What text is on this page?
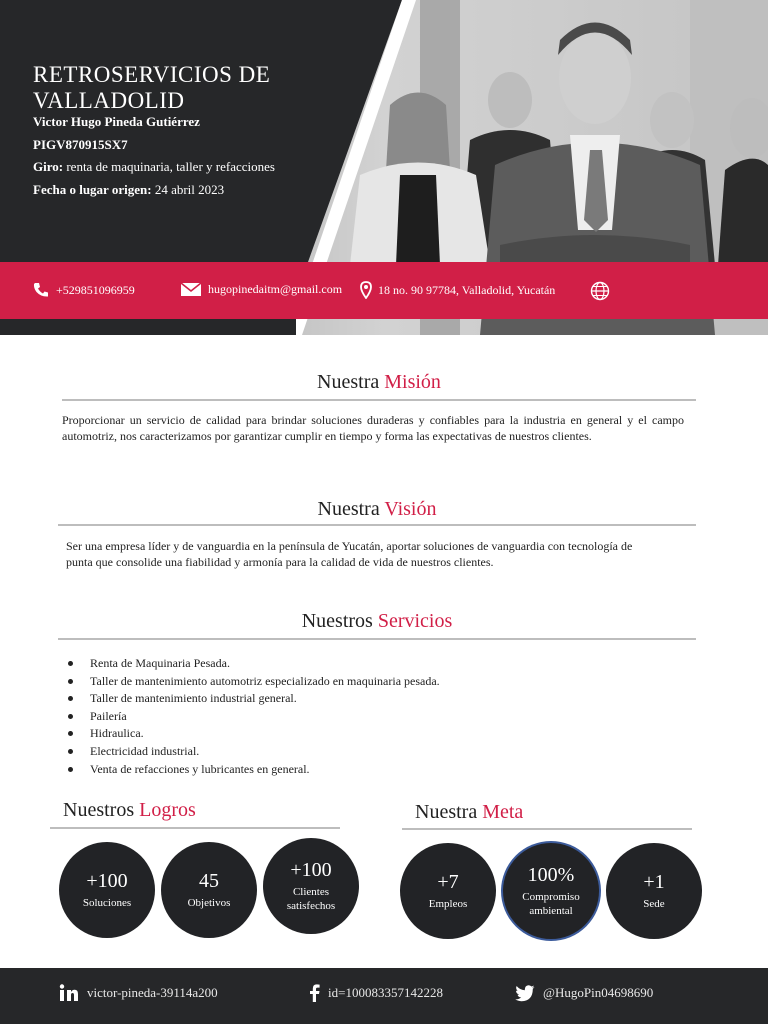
RETROSERVICIOS DE VALLADOLID
Victor Hugo Pineda Gutiérrez
PIGV870915SX7
Giro: renta de maquinaria, taller y refacciones
Fecha o lugar origen: 24 abril 2023
+529851096959	hugopinedaitm@gmail.com	18 no. 90 97784, Valladolid, Yucatán
Nuestra Misión
Proporcionar un servicio de calidad para brindar soluciones duraderas y confiables para la industria en general y el campo automotriz, nos caracterizamos por garantizar cumplir en tiempo y forma las expectativas de nuestros clientes.
Nuestra Visión
Ser una empresa líder y de vanguardia en la península de Yucatán, aportar soluciones de vanguardia con tecnología de punta que consolide una fiabilidad y armonía para la calidad de vida de nuestros clientes.
Nuestros Servicios
Renta de Maquinaria Pesada.
Taller de mantenimiento automotriz especializado en maquinaria pesada.
Taller de mantenimiento industrial general.
Pailería
Hidraulica.
Electricidad industrial.
Venta de refacciones y lubricantes en general.
Nuestros Logros
+100
Soluciones
45
Objetivos
+100
Clientes satisfechos
Nuestra Meta
+7
Empleos
100%
Compromiso ambiental
+1
Sede
victor-pineda-39114a200	id=100083357142228	@HugoPin04698690
